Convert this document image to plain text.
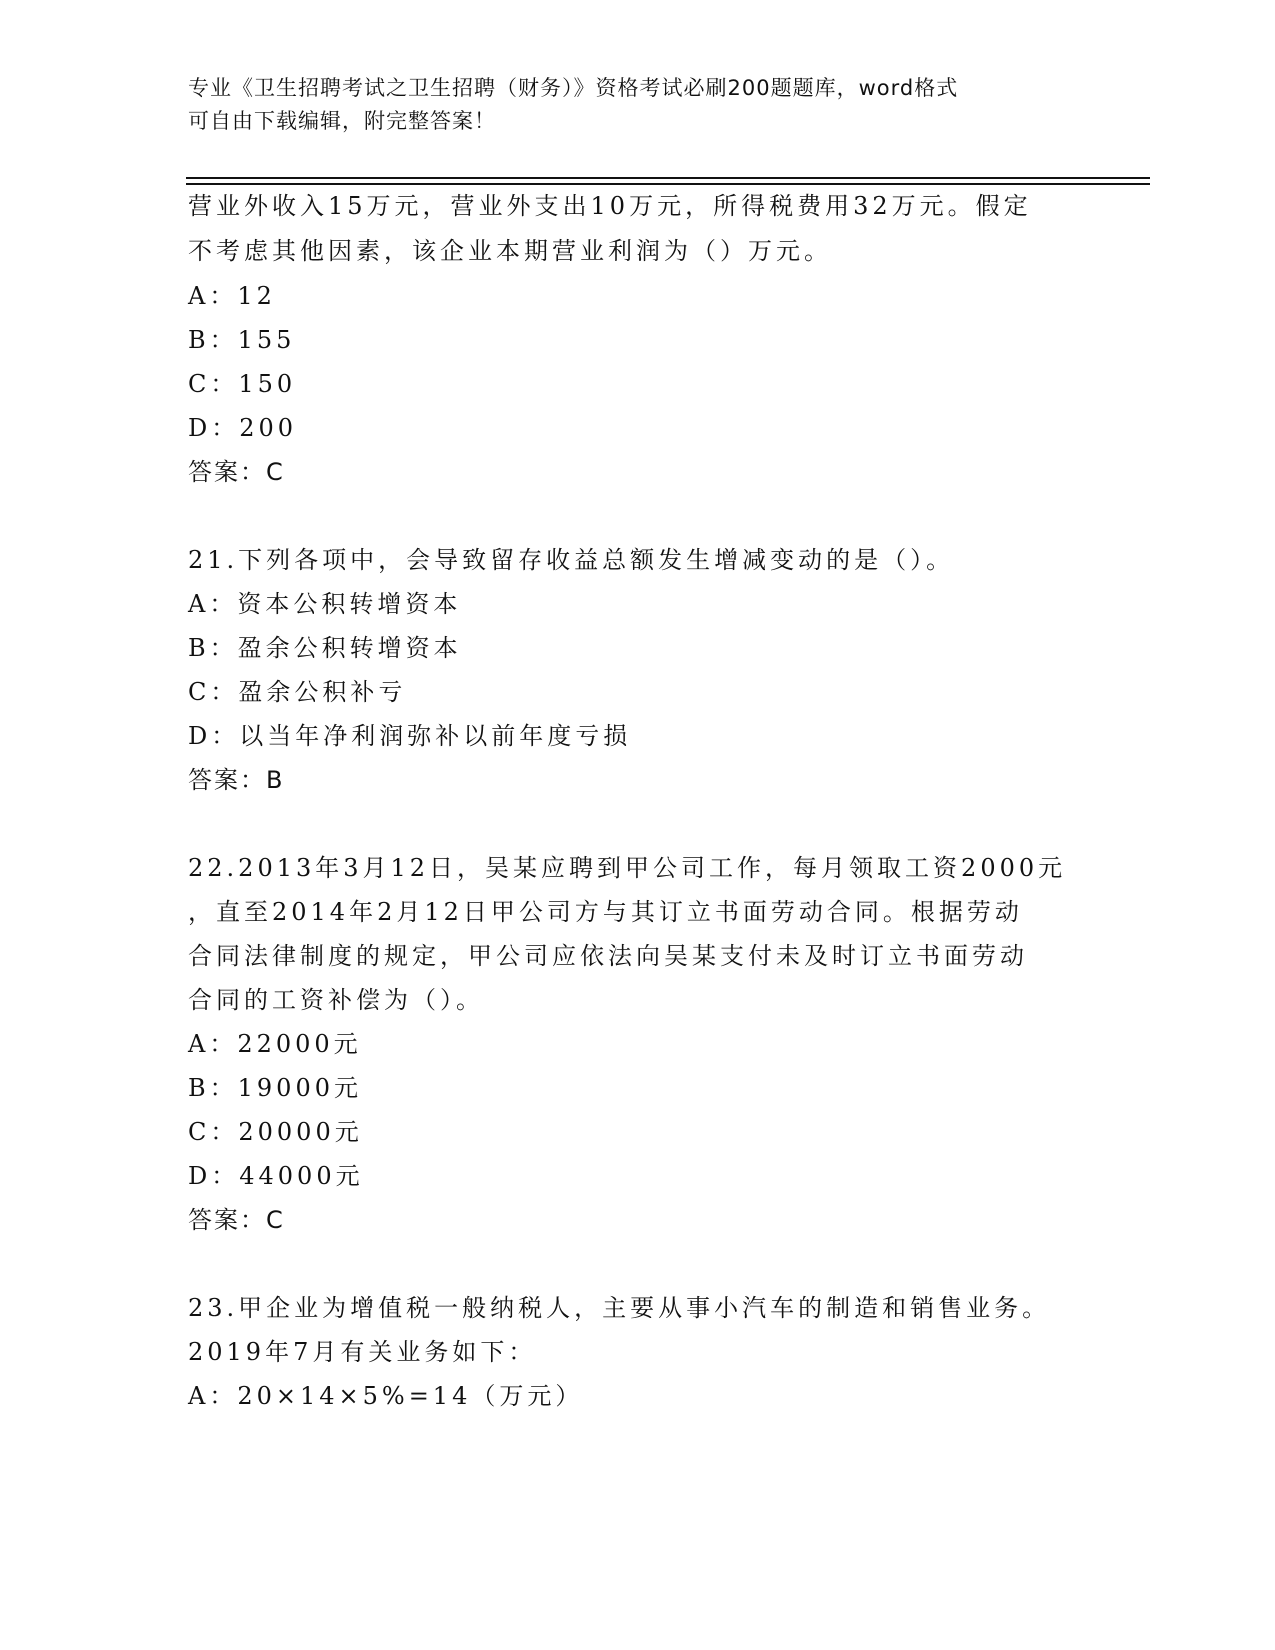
专业《卫生招聘考试之卫生招聘（财务）》资格考试必刷200题题库，word格式
可自由下载编辑，附完整答案！
营业外收入15万元，营业外支出10万元，所得税费用32万元。假定
不考虑其他因素，该企业本期营业利润为（）万元。
A：12
B：155
C：150
D：200
答案：C
21.下列各项中，会导致留存收益总额发生增减变动的是（）。
A：资本公积转增资本
B：盈余公积转增资本
C：盈余公积补亏
D：以当年净利润弥补以前年度亏损
答案：B
22.2013年3月12日，吴某应聘到甲公司工作，每月领取工资2000元
，直至2014年2月12日甲公司方与其订立书面劳动合同。根据劳动
合同法律制度的规定，甲公司应依法向吴某支付未及时订立书面劳动
合同的工资补偿为（）。
A：22000元
B：19000元
C：20000元
D：44000元
答案：C
23.甲企业为增值税一般纳税人，主要从事小汽车的制造和销售业务。
2019年7月有关业务如下：
A：20×14×5%=14（万元）
